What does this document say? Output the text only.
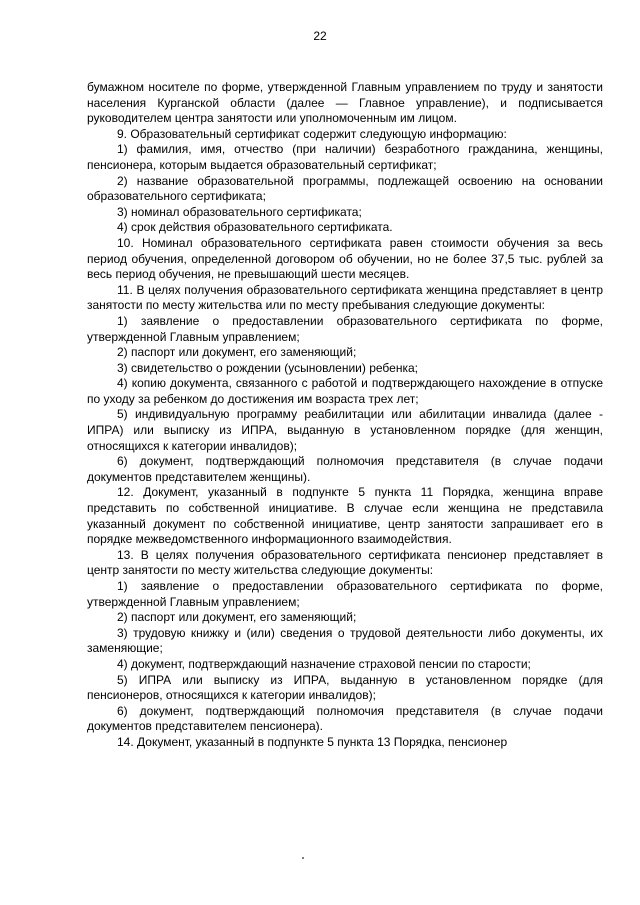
22

бумажном носителе по форме, утвержденной Главным управлением по труду и занятости населения Курганской области (далее — Главное управление), и подписывается руководителем центра занятости или уполномоченным им лицом.

9. Образовательный сертификат содержит следующую информацию:

1) фамилия, имя, отчество (при наличии) безработного гражданина, женщины, пенсионера, которым выдается образовательный сертификат;

2) название образовательной программы, подлежащей освоению на основании образовательного сертификата;

3) номинал образовательного сертификата;

4) срок действия образовательного сертификата.

10. Номинал образовательного сертификата равен стоимости обучения за весь период обучения, определенной договором об обучении, но не более 37,5 тыс. рублей за весь период обучения, не превышающий шести месяцев.

11. В целях получения образовательного сертификата женщина представляет в центр занятости по месту жительства или по месту пребывания следующие документы:

1) заявление о предоставлении образовательного сертификата по форме, утвержденной Главным управлением;

2) паспорт или документ, его заменяющий;

3) свидетельство о рождении (усыновлении) ребенка;

4) копию документа, связанного с работой и подтверждающего нахождение в отпуске по уходу за ребенком до достижения им возраста трех лет;

5) индивидуальную программу реабилитации или абилитации инвалида (далее - ИПРА) или выписку из ИПРА, выданную в установленном порядке (для женщин, относящихся к категории инвалидов);

6) документ, подтверждающий полномочия представителя (в случае подачи документов представителем женщины).

12. Документ, указанный в подпункте 5 пункта 11 Порядка, женщина вправе представить по собственной инициативе. В случае если женщина не представила указанный документ по собственной инициативе, центр занятости запрашивает его в порядке межведомственного информационного взаимодействия.

13. В целях получения образовательного сертификата пенсионер представляет в центр занятости по месту жительства следующие документы:

1) заявление о предоставлении образовательного сертификата по форме, утвержденной Главным управлением;

2) паспорт или документ, его заменяющий;

3) трудовую книжку и (или) сведения о трудовой деятельности либо документы, их заменяющие;

4) документ, подтверждающий назначение страховой пенсии по старости;

5) ИПРА или выписку из ИПРА, выданную в установленном порядке (для пенсионеров, относящихся к категории инвалидов);

6) документ, подтверждающий полномочия представителя (в случае подачи документов представителем пенсионера).

14. Документ, указанный в подпункте 5 пункта 13 Порядка, пенсионер
